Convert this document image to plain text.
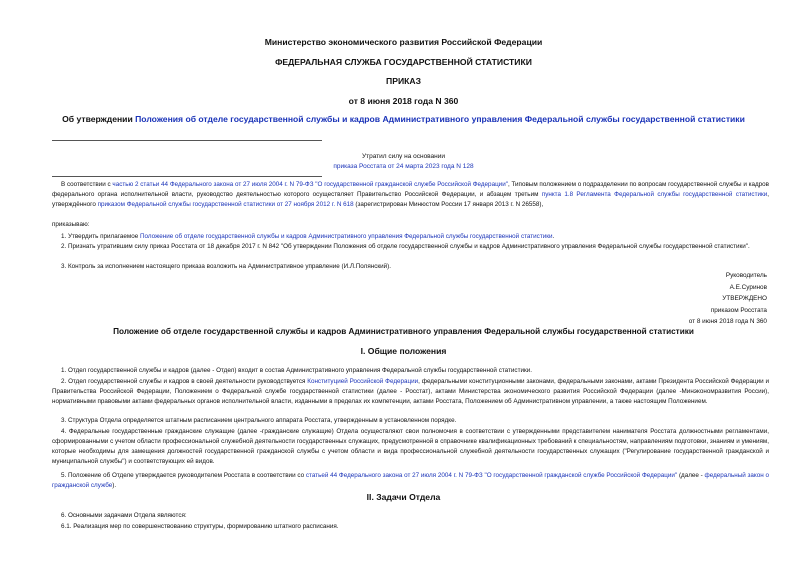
Министерство экономического развития Российской Федерации
ФЕДЕРАЛЬНАЯ СЛУЖБА ГОСУДАРСТВЕННОЙ СТАТИСТИКИ
ПРИКАЗ
от 8 июня 2018 года N 360
Об утверждении Положения об отделе государственной службы и кадров Административного управления Федеральной службы государственной статистики
Утратил силу на основании
приказа Росстата от 24 марта 2023 года N 128
В соответствии с частью 2 статьи 44 Федерального закона от 27 июля 2004 г. N 79-ФЗ "О государственной гражданской службе Российской Федерации", Типовым положением о подразделении по вопросам государственной службы и кадров федерального органа исполнительной власти, руководство деятельностью которого осуществляет Правительство Российской Федерации, и абзацем третьим пункта 1.8 Регламента Федеральной службы государственной статистики, утверждённого приказом Федеральной службы государственной статистики от 27 ноября 2012 г. N 618 (зарегистрирован Минюстом России 17 января 2013 г. N 26558),
приказываю:
1. Утвердить прилагаемое Положение об отделе государственной службы и кадров Административного управления Федеральной службы государственной статистики.
2. Признать утратившим силу приказ Росстата от 18 декабря 2017 г. N 842 "Об утверждении Положения об отделе государственной службы и кадров Административного управления Федеральной службы государственной статистики".
3. Контроль за исполнением настоящего приказа возложить на Административное управление (И.Л.Полянский).
Руководитель
А.Е.Суринов
УТВЕРЖДЕНО
приказом Росстата
от 8 июня 2018 года N 360
Положение об отделе государственной службы и кадров Административного управления Федеральной службы государственной статистики
I. Общие положения
1. Отдел государственной службы и кадров (далее - Отдел) входит в состав Административного управления Федеральной службы государственной статистики.
2. Отдел государственной службы и кадров в своей деятельности руководствуется Конституцией Российской Федерации, федеральными конституционными законами, федеральными законами, актами Президента Российской Федерации и Правительства Российской Федерации, Положением о Федеральной службе государственной статистики (далее - Росстат), актами Министерства экономического развития Российской Федерации (далее -Минэкономразвития России), нормативными правовыми актами федеральных органов исполнительной власти, изданными в пределах их компетенции, актами Росстата, Положением об Административном управлении, а также настоящим Положением.
3. Структура Отдела определяется штатным расписанием центрального аппарата Росстата, утвержденным в установленном порядке.
4. Федеральные государственные гражданские служащие (далее -гражданские служащие) Отдела осуществляют свои полномочия в соответствии с утвержденными представителем нанимателя Росстата должностными регламентами, сформированными с учетом области профессиональной служебной деятельности государственных служащих, предусмотренной в справочнике квалификационных требований к специальностям, направлениям подготовки, знаниям и умениям, которые необходимы для замещения должностей государственной гражданской службы с учетом области и вида профессиональной служебной деятельности государственных служащих ("Регулирование государственной гражданской и муниципальной службы") и соответствующих ей видов.
5. Положение об Отделе утверждается руководителем Росстата в соответствии со статьей 44 Федерального закона от 27 июля 2004 г. N 79-ФЗ "О государственной гражданской службе Российской Федерации" (далее - федеральный закон о гражданской службе).
II. Задачи Отдела
6. Основными задачами Отдела являются:
6.1. Реализация мер по совершенствованию структуры, формированию штатного расписания.
